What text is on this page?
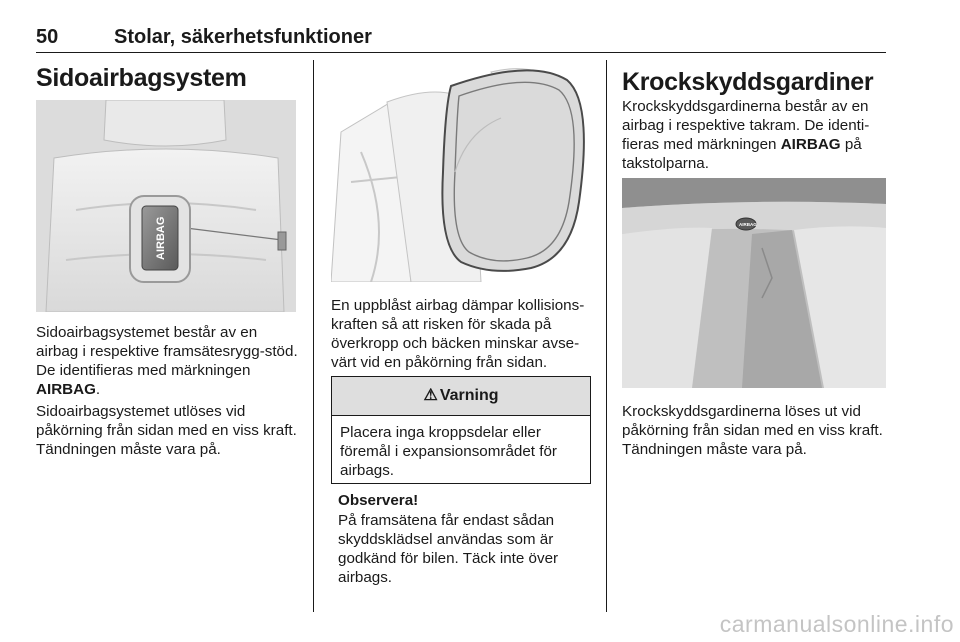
50	Stolar, säkerhetsfunktioner
Sidoairbagsystem
AIRBAG

Sidoairbagsystemet består av en airbag i respektive framsätesrygg-stöd. De identifieras med märkningen AIRBAG.

Sidoairbagsystemet utlöses vid påkörning från sidan med en viss kraft. Tändningen måste vara på.

En uppblåst airbag dämpar kollisions-kraften så att risken för skada på överkropp och bäcken minskar avse-värt vid en påkörning från sidan.

⚠ Varning

Placera inga kroppsdelar eller föremål i expansionsområdet för airbags.

Observera!

På framsätena får endast sådan skyddsklädsel användas som är godkänd för bilen. Täck inte över airbags.

Krockskyddsgardiner

Krockskyddsgardinerna består av en airbag i respektive takram. De identi-fieras med märkningen AIRBAG på takstolparna.

AIRBAG

Krockskyddsgardinerna löses ut vid påkörning från sidan med en viss kraft. Tändningen måste vara på.

carmanualsonline.info
